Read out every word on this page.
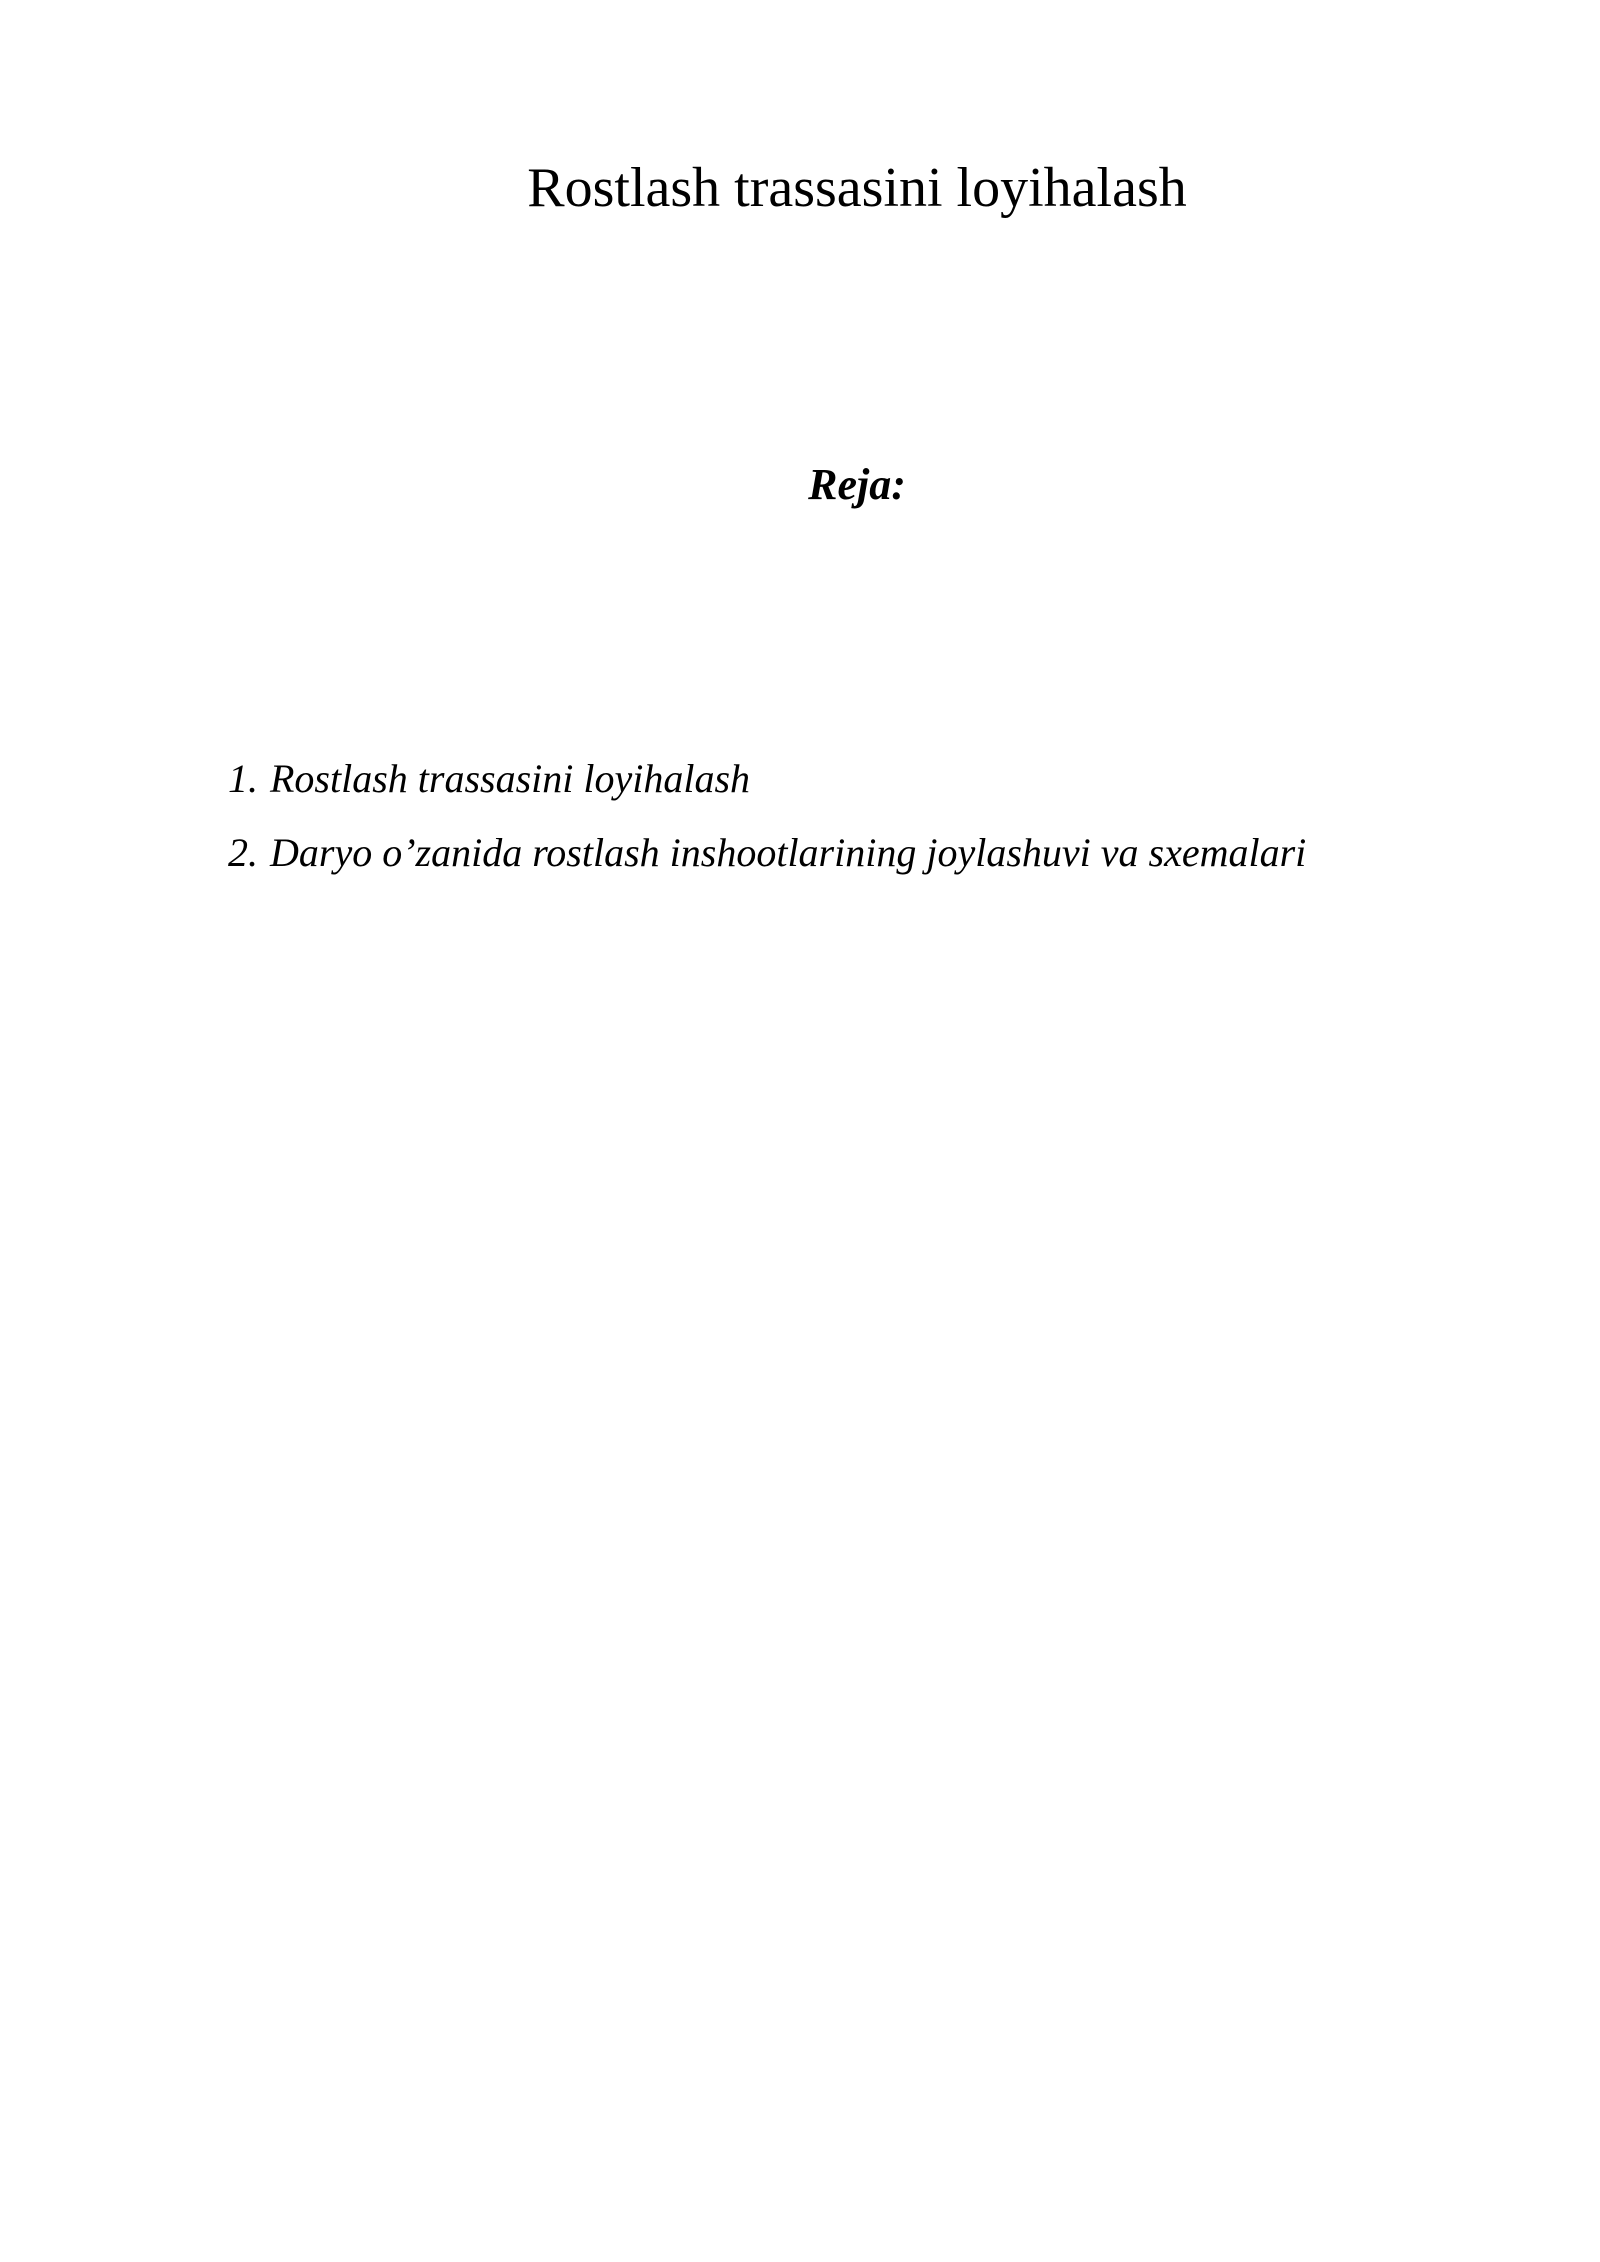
Rostlash trassasini loyihalash
Reja:
1. Rostlash trassasini loyihalash
2. Daryo o’zanida rostlash inshootlarining joylashuvi va sxemalari
